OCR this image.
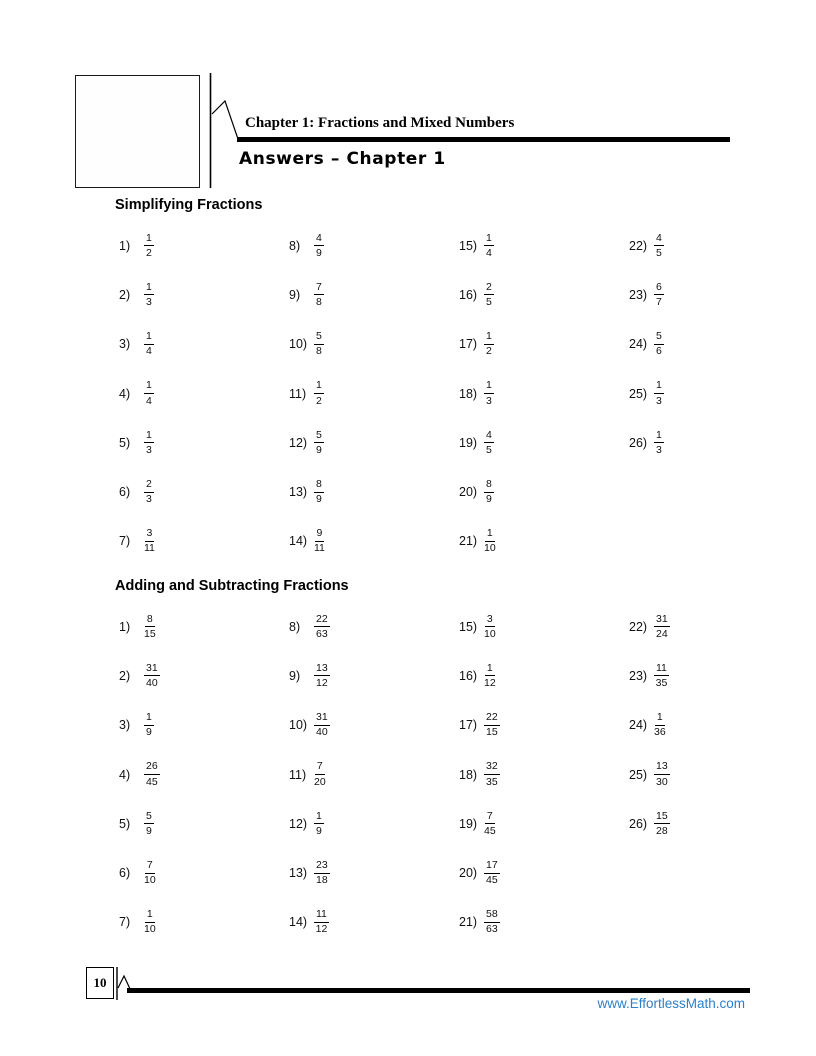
Chapter 1: Fractions and Mixed Numbers
Answers – Chapter 1
Simplifying Fractions
1)	$\frac{1}{2}$
2)	$\frac{1}{3}$
3)	$\frac{1}{4}$
4)	$\frac{1}{4}$
5)	$\frac{1}{3}$
6)	$\frac{2}{3}$
7)	$\frac{3}{11}$
8)	$\frac{4}{9}$
9)	$\frac{7}{8}$
$10) \frac{5}{8}$
$11) \frac{1}{2}$
$12) \frac{5}{9}$
$13) \frac{8}{9}$
$14) \frac{9}{11}$
$15) \frac{1}{4}$
$16) \frac{2}{5}$
$17) \frac{1}{2}$
$18) \frac{1}{3}$
$19) \frac{4}{5}$
$20) \frac{8}{9}$
$21) \frac{1}{10}$
$22) \frac{4}{5}$
$23) \frac{6}{7}$
$24) \frac{5}{6}$
$25) \frac{1}{3}$
$26) \frac{1}{3}$
Adding and Subtracting Fractions
1)	$\frac{8}{15}$
2)	$\frac{31}{40}$
3)	$\frac{1}{9}$
4)	$\frac{26}{45}$
5)	$\frac{5}{9}$
6)	$\frac{7}{10}$
7)	$\frac{1}{10}$
8)	$\frac{22}{63}$
9)	$\frac{13}{12}$
$10) \frac{31}{40}$
$11) \frac{7}{20}$
$12) \frac{1}{9}$
$13) \frac{23}{18}$
$14) \frac{11}{12}$
$15) \frac{3}{10}$
$16) \frac{1}{12}$
$17) \frac{22}{15}$
$18) \frac{32}{35}$
$19) \frac{7}{45}$
$20) \frac{17}{45}$
$21) \frac{58}{63}$
$22) \frac{31}{24}$
$23) \frac{11}{35}$
$24) \frac{1}{36}$
$25) \frac{13}{30}$
$26) \frac{15}{28}$
10
www.EffortlessMath.com
